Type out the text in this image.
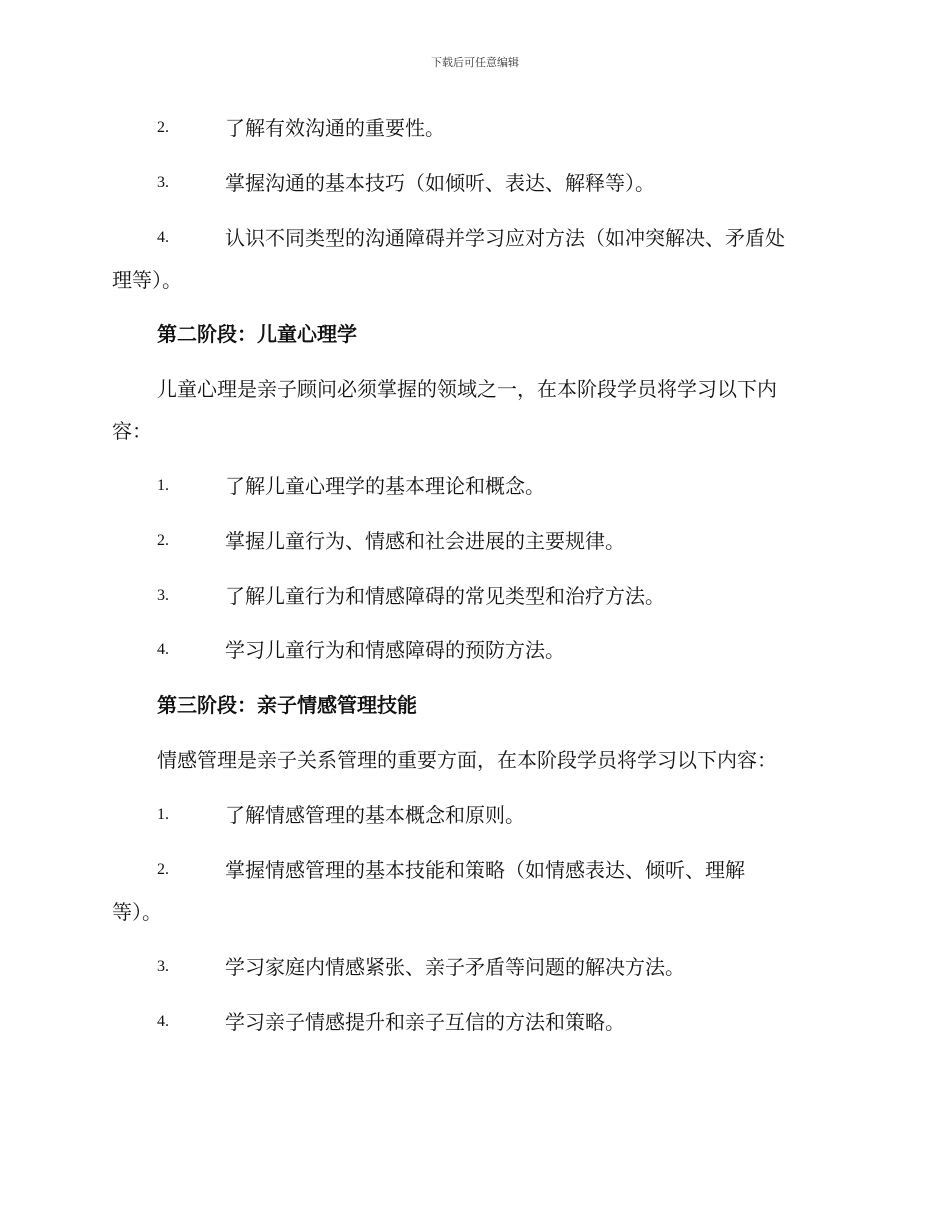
下载后可任意编辑
2.	了解有效沟通的重要性。
3.	掌握沟通的基本技巧（如倾听、表达、解释等）。
4.	认识不同类型的沟通障碍并学习应对方法（如冲突解决、矛盾处
理等）。
第二阶段：儿童心理学
儿童心理是亲子顾问必须掌握的领域之一，在本阶段学员将学习以下内
容：
1.	了解儿童心理学的基本理论和概念。
2.	掌握儿童行为、情感和社会进展的主要规律。
3.	了解儿童行为和情感障碍的常见类型和治疗方法。
4.	学习儿童行为和情感障碍的预防方法。
第三阶段：亲子情感管理技能
情感管理是亲子关系管理的重要方面，在本阶段学员将学习以下内容：
1.	了解情感管理的基本概念和原则。
2.	掌握情感管理的基本技能和策略（如情感表达、倾听、理解
等）。
3.	学习家庭内情感紧张、亲子矛盾等问题的解决方法。
4.	学习亲子情感提升和亲子互信的方法和策略。
